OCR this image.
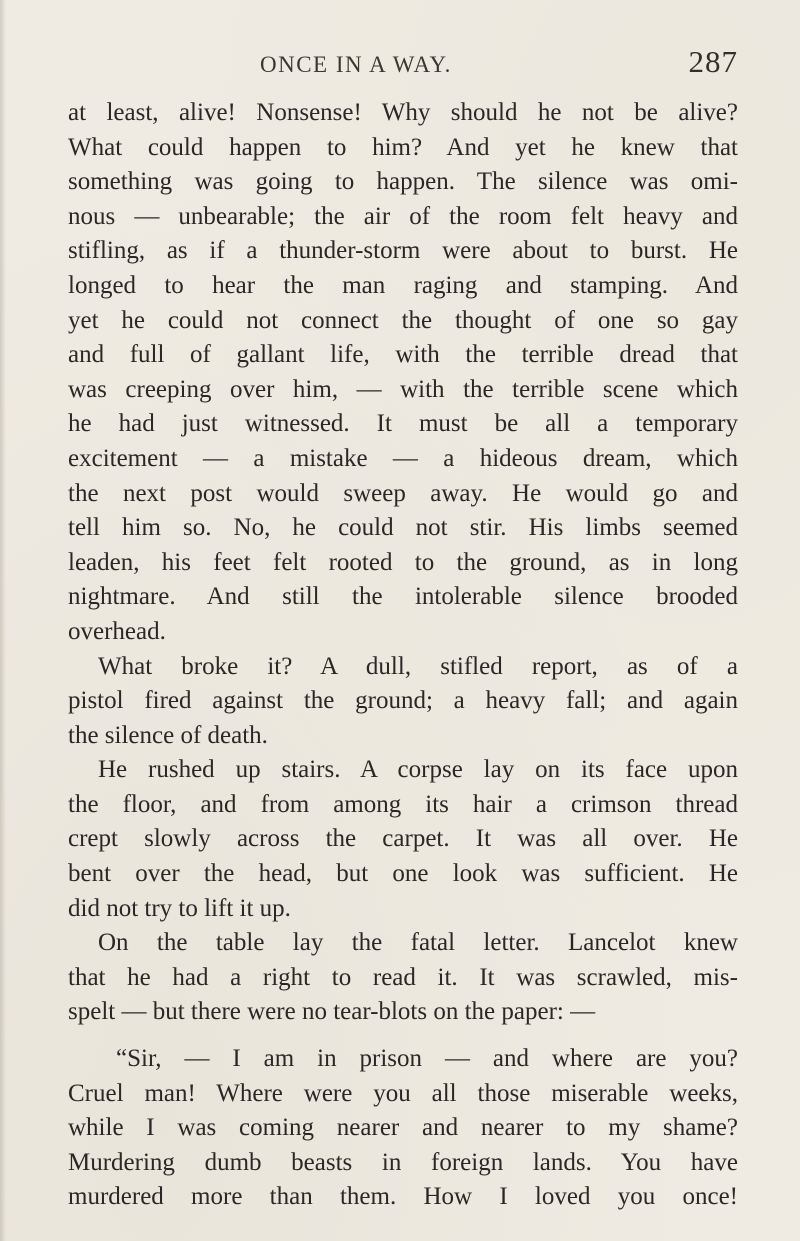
ONCE IN A WAY.	287
at least, alive! Nonsense! Why should he not be alive?
What could happen to him? And yet he knew that
something was going to happen. The silence was omi-
nous — unbearable; the air of the room felt heavy and
stifling, as if a thunder-storm were about to burst. He
longed to hear the man raging and stamping. And
yet he could not connect the thought of one so gay
and full of gallant life, with the terrible dread that
was creeping over him, — with the terrible scene which
he had just witnessed. It must be all a temporary
excitement — a mistake — a hideous dream, which
the next post would sweep away. He would go and
tell him so. No, he could not stir. His limbs seemed
leaden, his feet felt rooted to the ground, as in long
nightmare. And still the intolerable silence brooded
overhead.
What broke it? A dull, stifled report, as of a
pistol fired against the ground; a heavy fall; and again
the silence of death.
He rushed up stairs. A corpse lay on its face upon
the floor, and from among its hair a crimson thread
crept slowly across the carpet. It was all over. He
bent over the head, but one look was sufficient. He
did not try to lift it up.
On the table lay the fatal letter. Lancelot knew
that he had a right to read it. It was scrawled, mis-
spelt — but there were no tear-blots on the paper: —
“Sir, — I am in prison — and where are you?
Cruel man! Where were you all those miserable weeks,
while I was coming nearer and nearer to my shame?
Murdering dumb beasts in foreign lands. You have
murdered more than them. How I loved you once!
